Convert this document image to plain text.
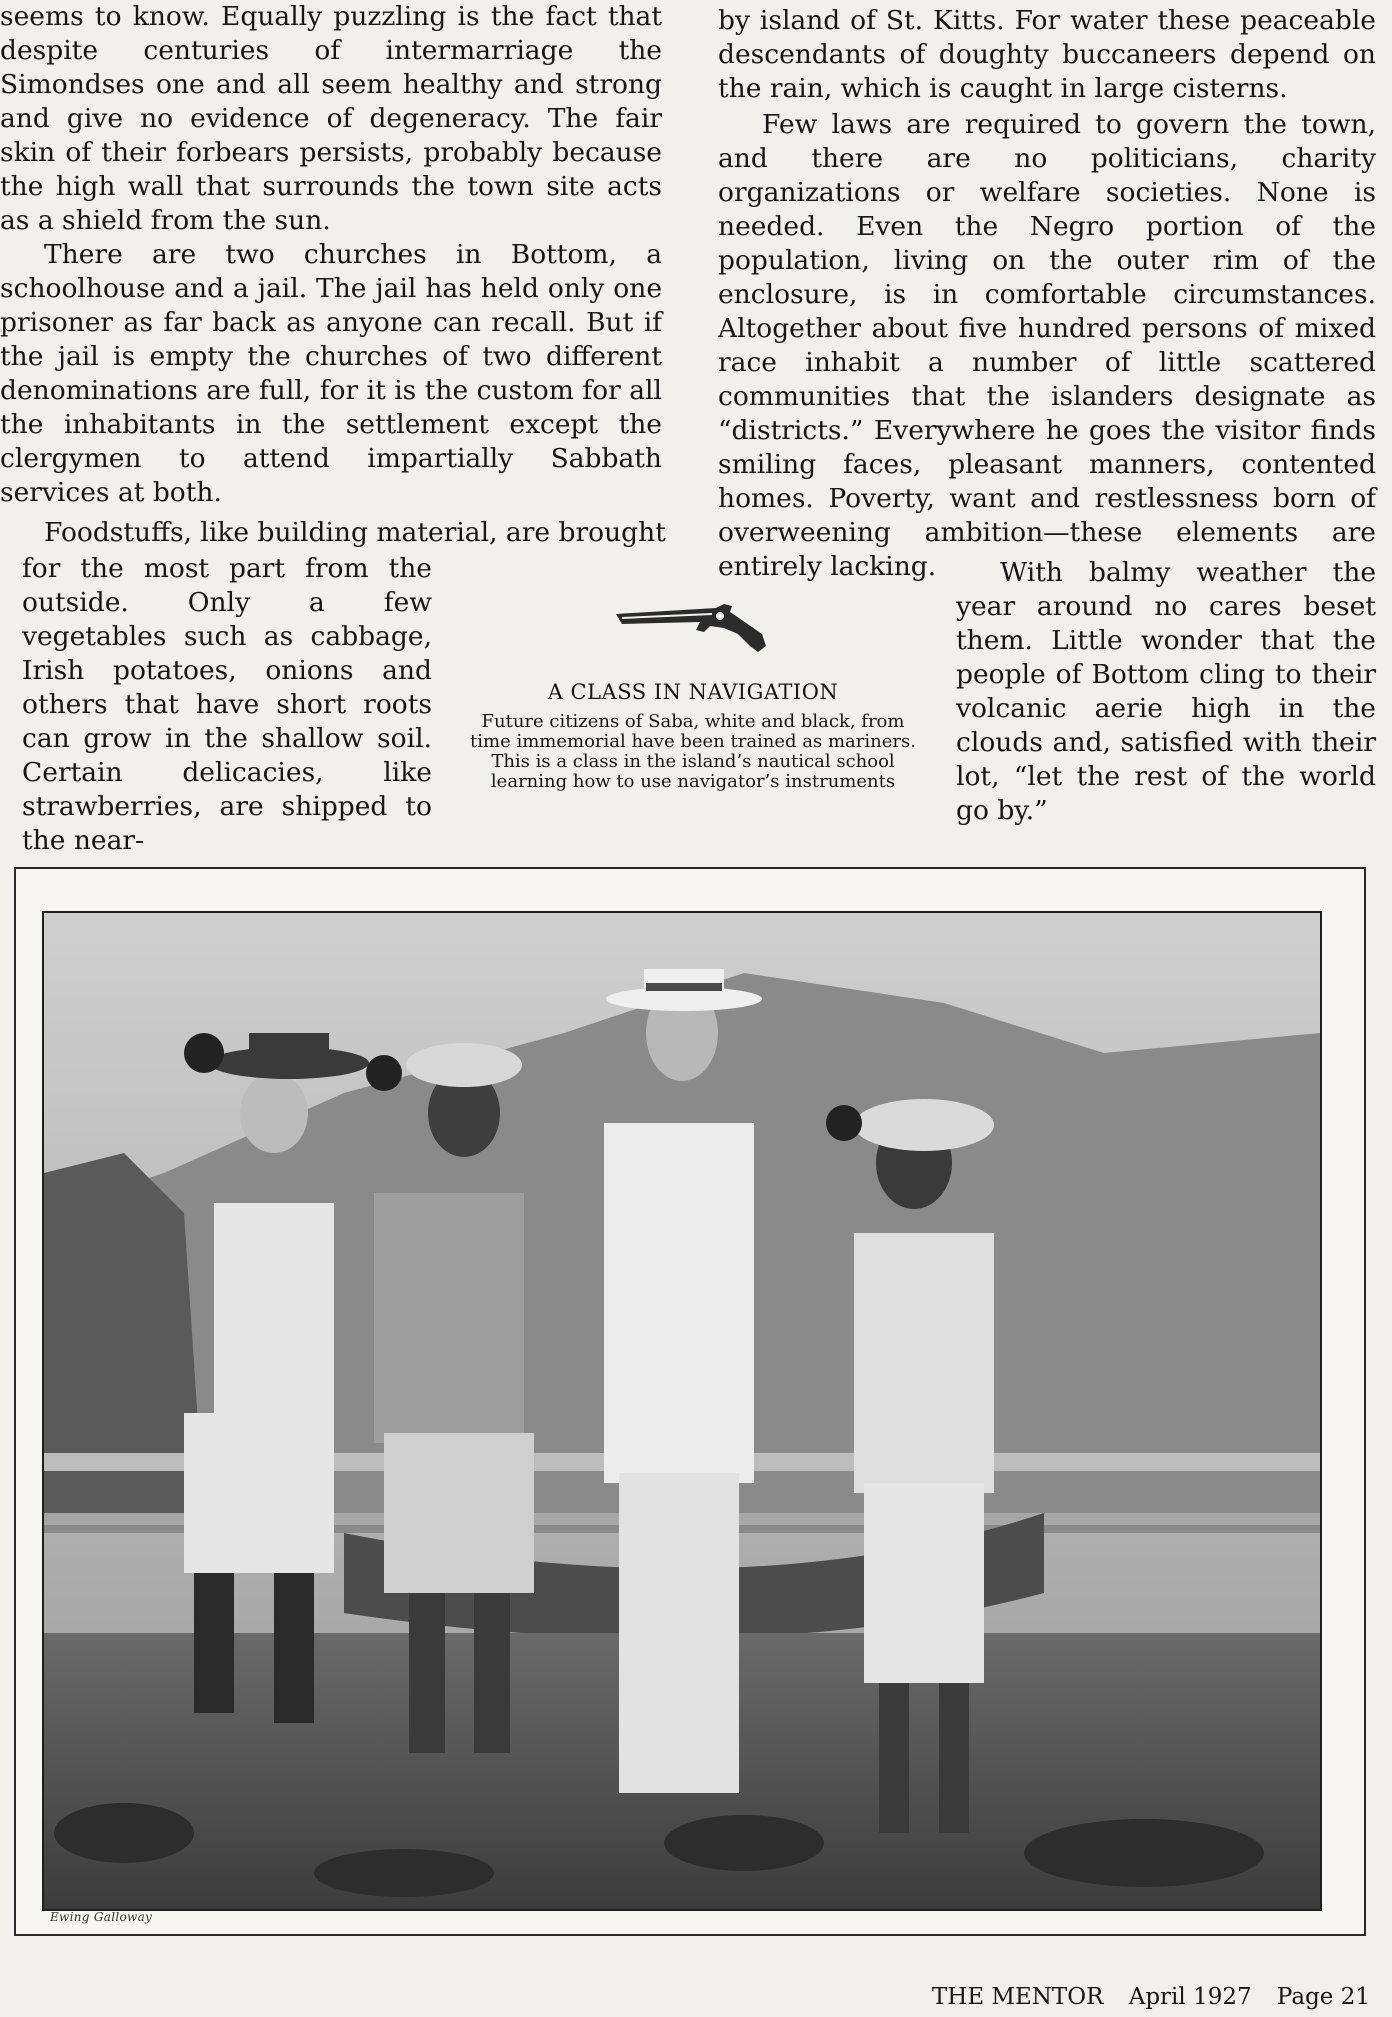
seems to know. Equally puzzling is the fact that despite centuries of intermarriage the Simondses one and all seem healthy and strong and give no evidence of degeneracy. The fair skin of their forbears persists, probably because the high wall that surrounds the town site acts as a shield from the sun.

There are two churches in Bottom, a schoolhouse and a jail. The jail has held only one prisoner as far back as anyone can recall. But if the jail is empty the churches of two different denominations are full, for it is the custom for all the inhabitants in the settlement except the clergymen to attend impartially Sabbath services at both.

Foodstuffs, like building material, are brought

for the most part from the outside. Only a few vegetables such as cabbage, Irish potatoes, onions and others that have short roots can grow in the shallow soil. Certain delicacies, like strawberries, are shipped to the near-

by island of St. Kitts. For water these peaceable descendants of doughty buccaneers depend on the rain, which is caught in large cisterns.

Few laws are required to govern the town, and there are no politicians, charity organizations or welfare societies. None is needed. Even the Negro portion of the population, living on the outer rim of the enclosure, is in comfortable circumstances. Altogether about five hundred persons of mixed race inhabit a number of little scattered communities that the islanders designate as “districts.” Everywhere he goes the visitor finds smiling faces, pleasant manners, contented homes. Poverty, want and restlessness born of overweening ambition—these elements are entirely lacking.	With balmy weather the year around no cares beset them. Little wonder that the people of Bottom cling to their volcanic aerie high in the clouds and, satisfied with their lot, “let the rest of the world go by.”

A CLASS IN NAVIGATION
Future citizens of Saba, white and black, from time immemorial have been trained as mariners. This is a class in the island’s nautical school learning how to use navigator’s instruments
Ewing Galloway
THE MENTOR April 1927 Page 21
